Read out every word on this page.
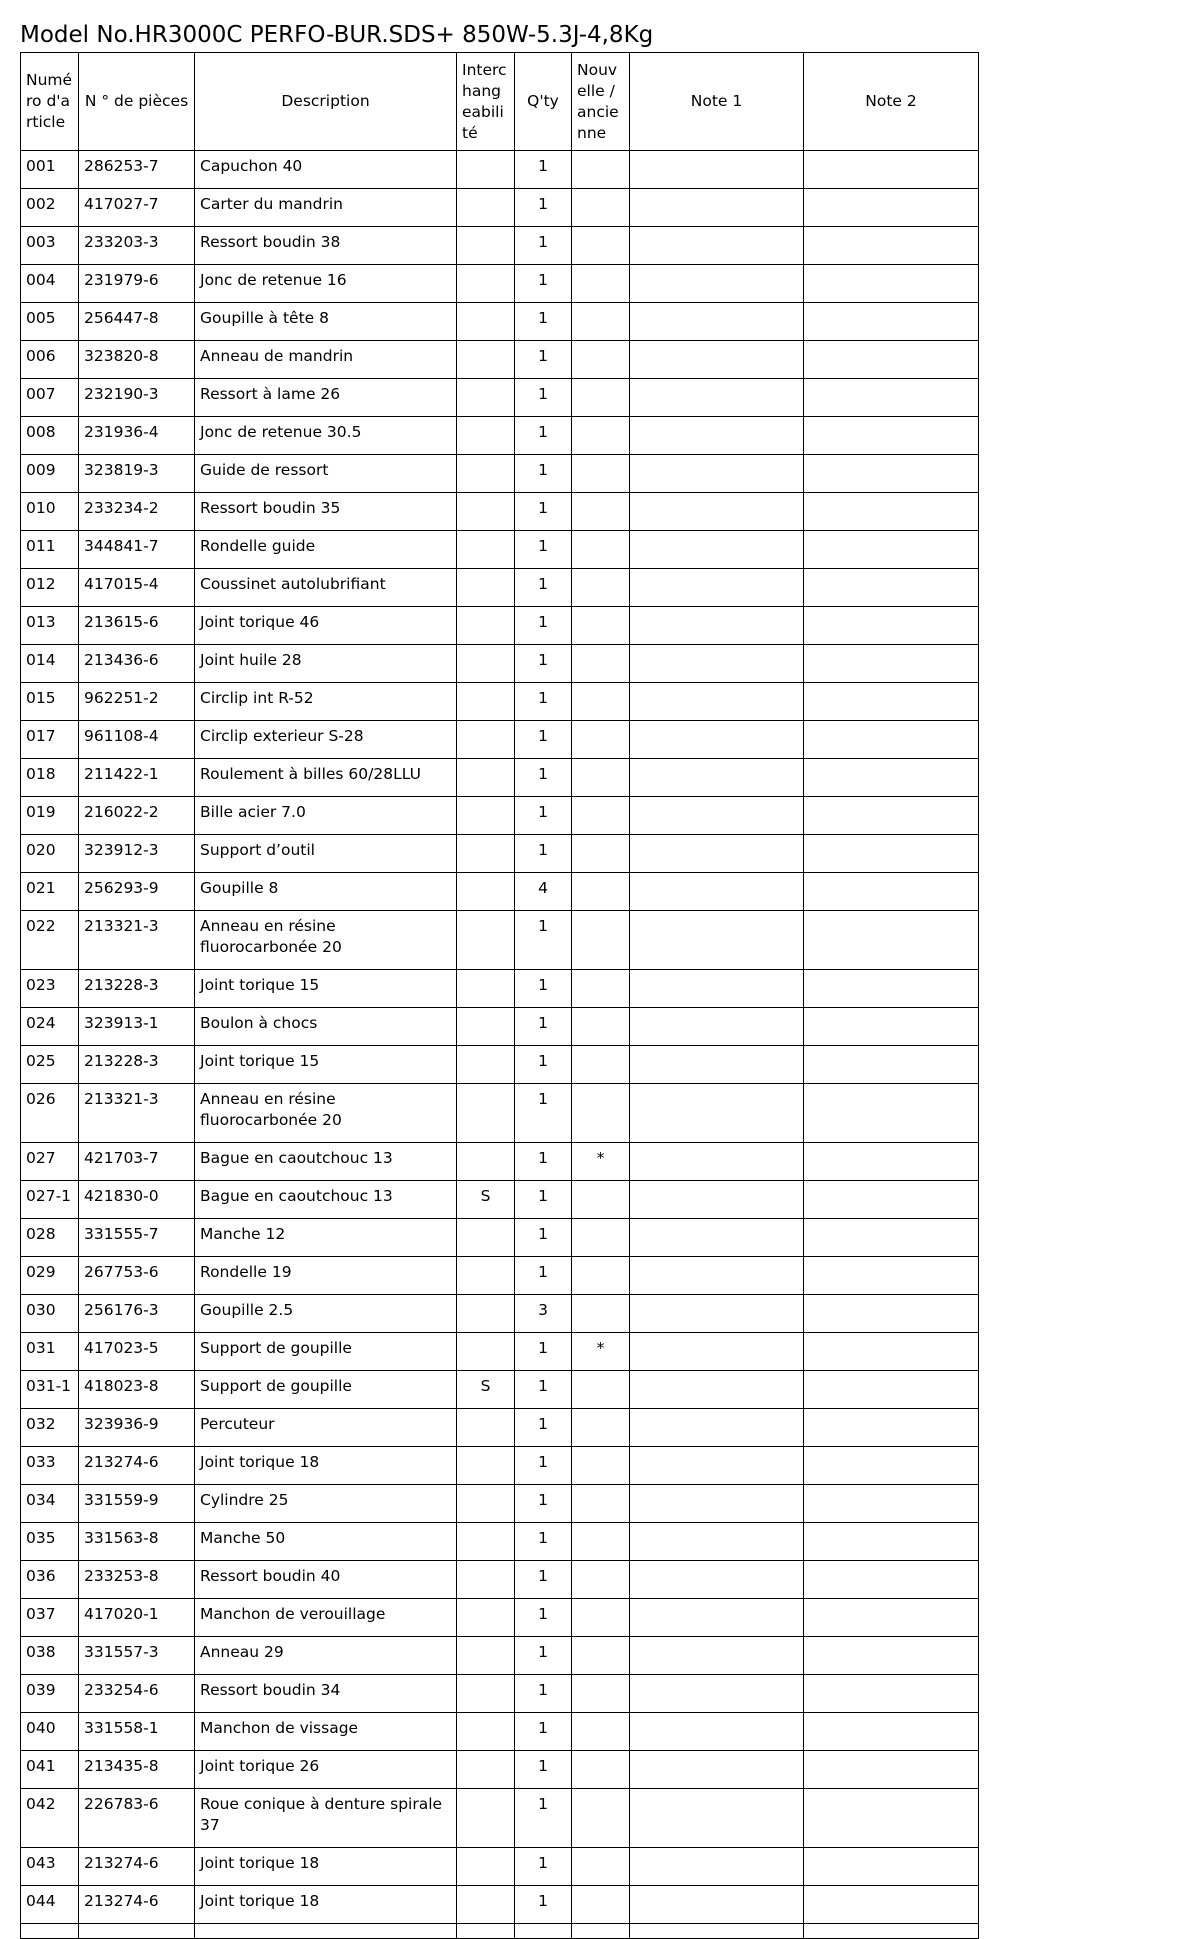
Model No.HR3000C PERFO-BUR.SDS+ 850W-5.3J-4,8Kg
Numéro d'article	N ° de pièces	Description	Interchangeabilité	Q'ty	Nouvelle / ancienne	Note 1	Note 2
001	286253-7	Capuchon 40		1			
002	417027-7	Carter du mandrin		1			
003	233203-3	Ressort boudin 38		1			
004	231979-6	Jonc de retenue 16		1			
005	256447-8	Goupille à tête 8		1			
006	323820-8	Anneau de mandrin		1			
007	232190-3	Ressort à lame 26		1			
008	231936-4	Jonc de retenue 30.5		1			
009	323819-3	Guide de ressort		1			
010	233234-2	Ressort boudin 35		1			
011	344841-7	Rondelle guide		1			
012	417015-4	Coussinet autolubrifiant		1			
013	213615-6	Joint torique 46		1			
014	213436-6	Joint huile 28		1			
015	962251-2	Circlip int R-52		1			
017	961108-4	Circlip exterieur S-28		1			
018	211422-1	Roulement à billes 60/28LLU		1			
019	216022-2	Bille acier 7.0		1			
020	323912-3	Support d’outil		1			
021	256293-9	Goupille 8		4			
022	213321-3	Anneau en résine fluorocarbonée 20		1			
023	213228-3	Joint torique 15		1			
024	323913-1	Boulon à chocs		1			
025	213228-3	Joint torique 15		1			
026	213321-3	Anneau en résine fluorocarbonée 20		1			
027	421703-7	Bague en caoutchouc 13		1	*		
027-1	421830-0	Bague en caoutchouc 13	S	1			
028	331555-7	Manche 12		1			
029	267753-6	Rondelle 19		1			
030	256176-3	Goupille 2.5		3			
031	417023-5	Support de goupille		1	*		
031-1	418023-8	Support de goupille	S	1			
032	323936-9	Percuteur		1			
033	213274-6	Joint torique 18		1			
034	331559-9	Cylindre 25		1			
035	331563-8	Manche 50		1			
036	233253-8	Ressort boudin 40		1			
037	417020-1	Manchon de verouillage		1			
038	331557-3	Anneau 29		1			
039	233254-6	Ressort boudin 34		1			
040	331558-1	Manchon de vissage		1			
041	213435-8	Joint torique 26		1			
042	226783-6	Roue conique à denture spirale 37		1			
043	213274-6	Joint torique 18		1			
044	213274-6	Joint torique 18		1			
